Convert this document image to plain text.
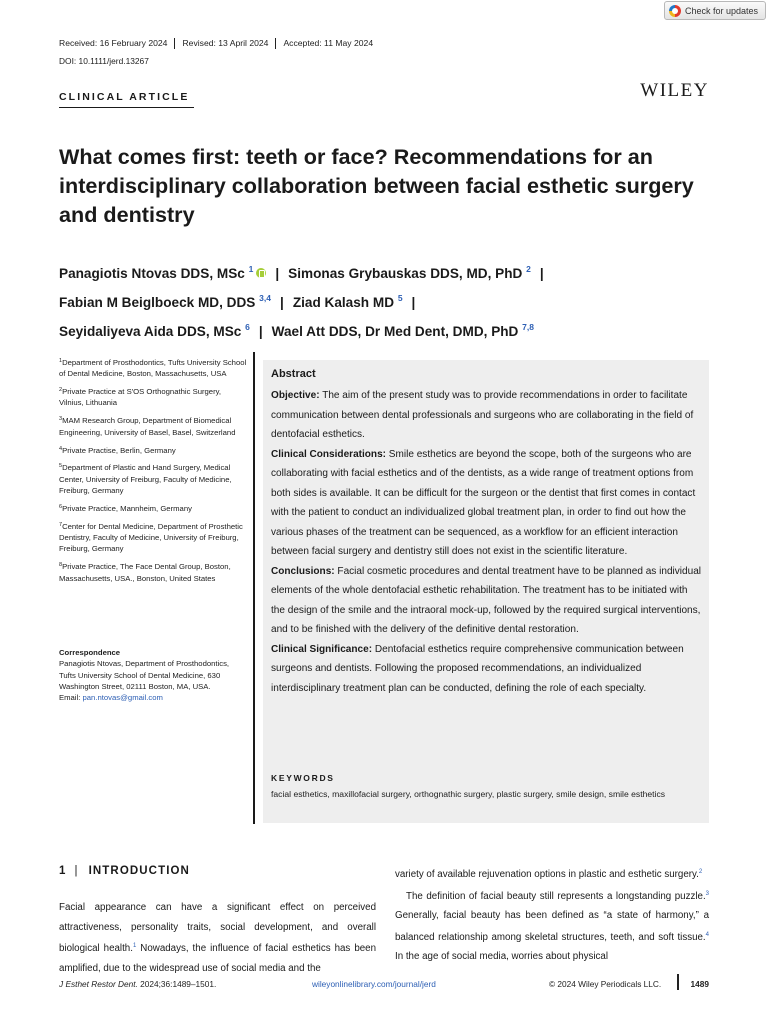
Check for updates
Received: 16 February 2024	Revised: 13 April 2024	Accepted: 11 May 2024
DOI: 10.1111/jerd.13267
CLINICAL ARTICLE	WILEY
What comes first: teeth or face? Recommendations for an interdisciplinary collaboration between facial esthetic surgery and dentistry
Panagiotis Ntovas DDS, MSc $^1$ | Simonas Grybauskas DDS, MD, PhD $^2$ |
Fabian M Beiglboeck MD, DDS $^{3,4}$ | Ziad Kalash MD $^5$ |
Seyidaliyeva Aida DDS, MSc $^6$ | Wael Att DDS, Dr Med Dent, DMD, PhD $^{7,8}$

$^1$Department of Prosthodontics, Tufts University School of Dental Medicine, Boston, Massachusetts, USA

$^2$Private Practice at S'OS Orthognathic Surgery, Vilnius, Lithuania

$^3$MAM Research Group, Department of Biomedical Engineering, University of Basel, Basel, Switzerland

$^4$Private Practise, Berlin, Germany

$^5$Department of Plastic and Hand Surgery, Medical Center, University of Freiburg, Faculty of Medicine, Freiburg, Germany

$^6$Private Practice, Mannheim, Germany

$^7$Center for Dental Medicine, Department of Prosthetic Dentistry, Faculty of Medicine, University of Freiburg, Freiburg, Germany

$^8$Private Practice, The Face Dental Group, Boston, Massachusetts, USA., Bonston, United States

Correspondence
Panagiotis Ntovas, Department of Prosthodontics, Tufts University School of Dental Medicine, 630 Washington Street, 02111 Boston, MA, USA.
Email: pan.ntovas@gmail.com
Abstract
Objective: The aim of the present study was to provide recommendations in order to facilitate communication between dental professionals and surgeons who are collaborating in the field of dentofacial esthetics.
Clinical Considerations: Smile esthetics are beyond the scope, both of the surgeons who are collaborating with facial esthetics and of the dentists, as a wide range of treatment options from both sides is available. It can be difficult for the surgeon or the dentist that first comes in contact with the patient to conduct an individualized global treatment plan, in order to find out how the various phases of the treatment can be sequenced, as a workflow for an efficient interaction between facial surgery and dentistry still does not exist in the scientific literature.
Conclusions: Facial cosmetic procedures and dental treatment have to be planned as individual elements of the whole dentofacial esthetic rehabilitation. The treatment has to be initiated with the design of the smile and the intraoral mock-up, followed by the required surgical interventions, and to be finished with the delivery of the definitive dental restoration.
Clinical Significance: Dentofacial esthetics require comprehensive communication between surgeons and dentists. Following the proposed recommendations, an individualized interdisciplinary treatment plan can be conducted, defining the role of each specialty.
KEYWORDS
facial esthetics, maxillofacial surgery, orthognathic surgery, plastic surgery, smile design, smile esthetics
1 | INTRODUCTION

Facial appearance can have a significant effect on perceived attractiveness, personality traits, social development, and overall biological health.$^1$ Nowadays, the influence of facial esthetics has been amplified, due to the widespread use of social media and the

variety of available rejuvenation options in plastic and esthetic surgery.$^2$

The definition of facial beauty still represents a longstanding puzzle.$^3$ Generally, facial beauty has been defined as “a state of harmony,” a balanced relationship among skeletal structures, teeth, and soft tissue.$^4$ In the age of social media, worries about physical

J Esthet Restor Dent. 2024;36:1489–1501.	wileyonlinelibrary.com/journal/jerd	© 2024 Wiley Periodicals LLC.	1489
